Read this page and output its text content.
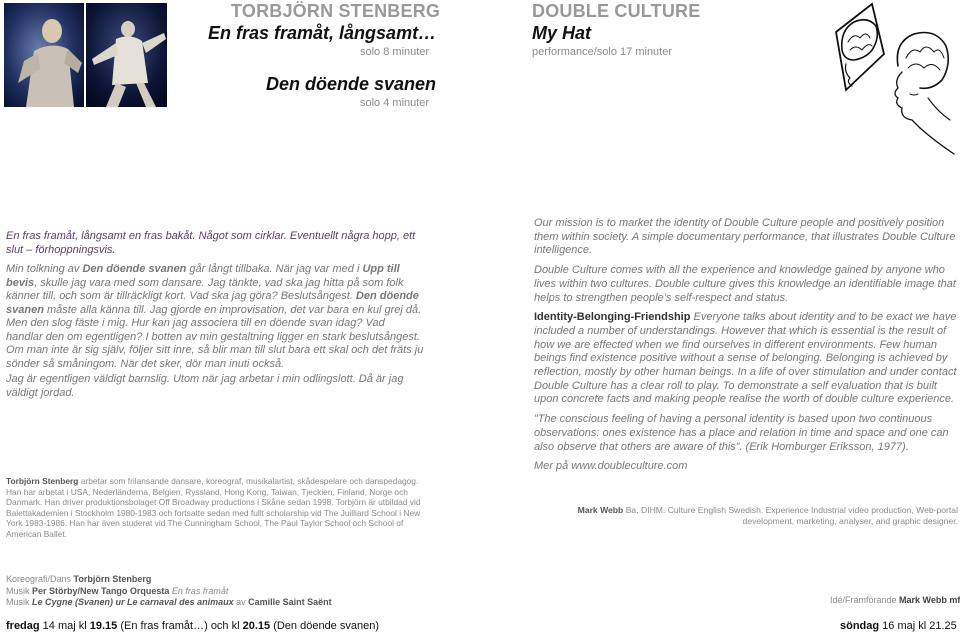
TORBJÖRN STENBERG
En fras framåt, långsamt…
solo 8 minuter
Den döende svanen
solo 4 minuter

En fras framåt, långsamt en fras bakåt. Något som cirklar. Eventuellt några hopp, ett slut – förhoppningsvis.

Min tolkning av Den döende svanen går långt tillbaka. När jag var med i Upp till bevis, skulle jag vara med som dansare. Jag tänkte, vad ska jag hitta på som folk känner till, och som är tillräckligt kort. Vad ska jag göra? Beslutsångest. Den döende svanen måste alla känna till. Jag gjorde en improvisation, det var bara en kul grej då. Men den slog fäste i mig. Hur kan jag associera till en döende svan idag? Vad handlar den om egentligen? I botten av min gestaltning ligger en stark beslutsångest. Om man inte är sig själv, följer sitt inre, så blir man till slut bara ett skal och det fräts ju sönder så småningom. När det sker, dör man inuti också.

Jag är egentligen väldigt barnslig. Utom när jag arbetar i min odlingslott. Då är jag väldigt jordad.

Torbjörn Stenberg arbetar som frilansande dansare, koreograf, musikalartist, skådespelare och danspedagog. Han har arbetat i USA, Nederländerna, Belgien, Ryssland, Hong Kong, Taiwan, Tjeckien, Finland, Norge och Danmark. Han driver produktionsbolaget Off Broadway productions i Skåne sedan 1998. Torbjörn är utbildad vid Balettakademien i Stockholm 1980-1983 och fortsatte sedan med fullt scholarship vid The Juilliard School i New York 1983-1986. Han har även studerat vid The Cunningham School, The Paul Taylor School och School of American Ballet.
Koreografi/Dans Torbjörn Stenberg
Musik Per Störby/New Tango Orquesta En fras framåt
Musik Le Cygne (Svanen) ur Le carnaval des animaux av Camille Saint Saënt
fredag 14 maj kl 19.15 (En fras framåt…) och kl 20.15 (Den döende svanen)
DOUBLE CULTURE
My Hat
performance/solo 17 minuter

Our mission is to market the identity of Double Culture people and positively position them within society. A simple documentary performance, that illustrates Double Culture intelligence.

Double Culture comes with all the experience and knowledge gained by anyone who lives within two cultures. Double culture gives this knowledge an identifiable image that helps to strengthen people’s self-respect and status.

Identity-Belonging-Friendship Everyone talks about identity and to be exact we have included a number of understandings. However that which is essential is the result of how we are effected when we find ourselves in different environments. Few human beings find existence positive without a sense of belonging. Belonging is achieved by reflection, mostly by other human beings. In a life of over stimulation and under contact Double Culture has a clear roll to play. To demonstrate a self evaluation that is built upon concrete facts and making people realise the worth of double culture experience.

”The conscious feeling of having a personal identity is based upon two continuous observations: ones existence has a place and relation in time and space and one can also observe that others are aware of this”. (Erik Homburger Eriksson, 1977).

Mer på www.doubleculture.com

Mark Webb Ba, DIHM. Culture English Swedish. Experience Industrial video production, Web-portal development, marketing, analyser, and graphic designer.
Idé/Framförande Mark Webb mf
söndag 16 maj kl 21.25
